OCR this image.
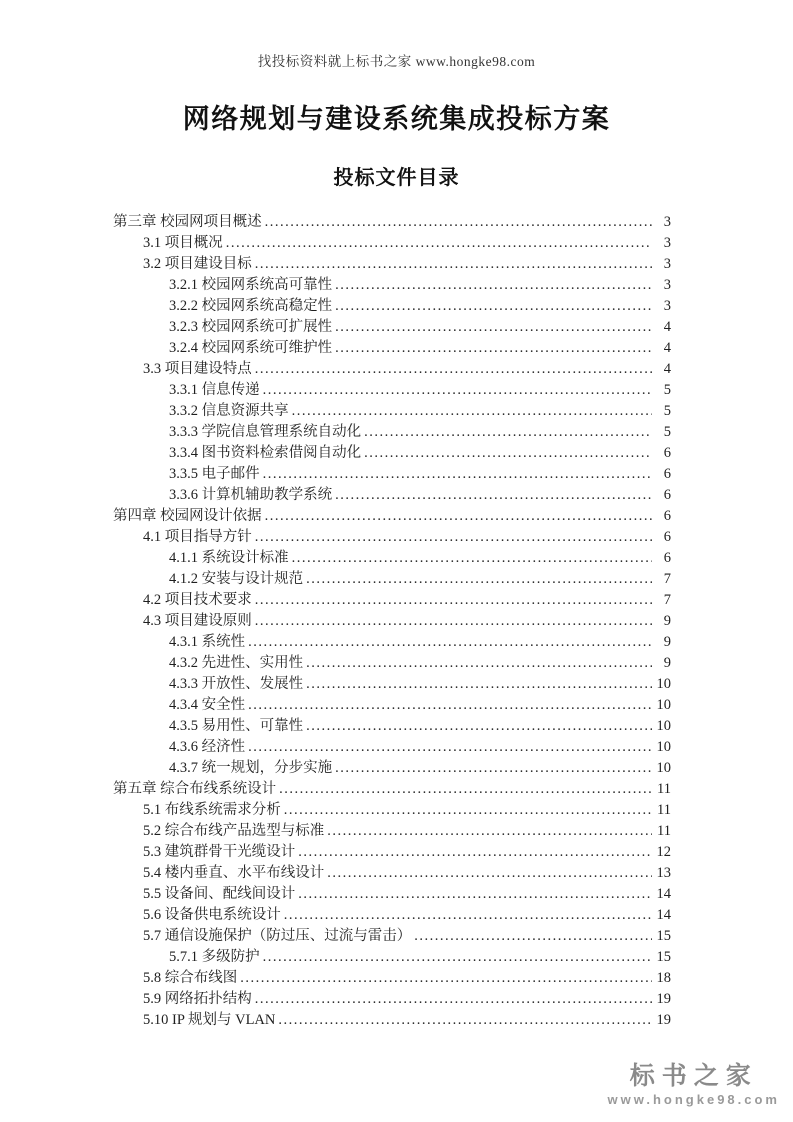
找投标资料就上标书之家 www.hongke98.com
网络规划与建设系统集成投标方案
投标文件目录
第三章 校园网项目概述 .....	3
3.1 项目概况 .....	3
3.2 项目建设目标 .....	3
3.2.1 校园网系统高可靠性 .....	3
3.2.2 校园网系统高稳定性 .....	3
3.2.3 校园网系统可扩展性 .....	4
3.2.4 校园网系统可维护性 .....	4
3.3 项目建设特点 .....	4
3.3.1 信息传递 .....	5
3.3.2 信息资源共享 .....	5
3.3.3 学院信息管理系统自动化 .....	5
3.3.4 图书资料检索借阅自动化 .....	6
3.3.5 电子邮件 .....	6
3.3.6 计算机辅助教学系统 .....	6
第四章 校园网设计依据 .....	6
4.1 项目指导方针 .....	6
4.1.1 系统设计标准 .....	6
4.1.2 安装与设计规范 .....	7
4.2 项目技术要求 .....	7
4.3 项目建设原则 .....	9
4.3.1 系统性 .....	9
4.3.2 先进性、实用性 .....	9
4.3.3 开放性、发展性 .....	10
4.3.4 安全性 .....	10
4.3.5 易用性、可靠性 .....	10
4.3.6 经济性 .....	10
4.3.7 统一规划，分步实施 .....	10
第五章 综合布线系统设计 .....	11
5.1 布线系统需求分析 .....	11
5.2 综合布线产品选型与标准 .....	11
5.3 建筑群骨干光缆设计 .....	12
5.4 楼内垂直、水平布线设计 .....	13
5.5 设备间、配线间设计 .....	14
5.6 设备供电系统设计 .....	14
5.7 通信设施保护（防过压、过流与雷击） .....	15
5.7.1 多级防护 .....	15
5.8 综合布线图 .....	18
5.9 网络拓扑结构 .....	19
5.10 IP 规划与 VLAN .....	19
标书之家
www.hongke98.com
